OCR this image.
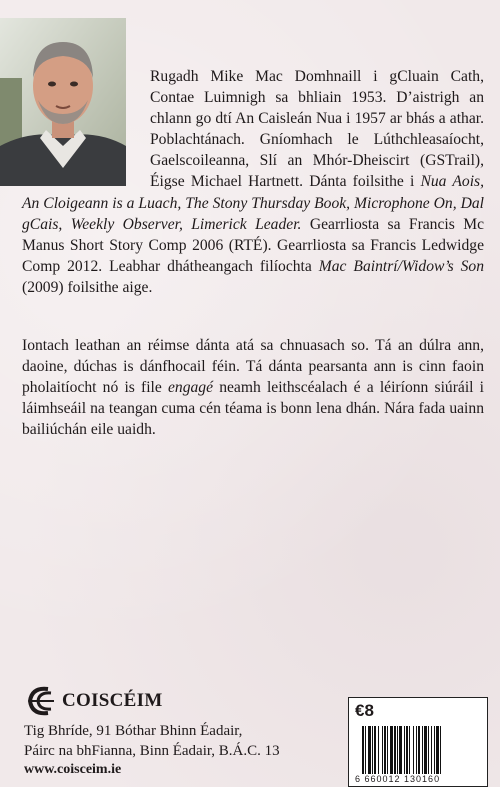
Rugadh Mike Mac Domhnaill i gCluain Cath, Contae Luimnigh sa bhliain 1953. D’aistrigh an chlann go dtí An Caisleán Nua i 1957 ar bhás a athar. Poblachtánach. Gníomhach le Lúthchleasaíocht, Gaelscoileanna, Slí an Mhór-Dheiscirt (GSTrail), Éigse Michael Hartnett. Dánta foilsithe i Nua Aois, An Cloigeann is a Luach, The Stony Thursday Book, Microphone On, Dal gCais, Weekly Observer, Limerick Leader. Gearrliosta sa Francis Mc Manus Short Story Comp 2006 (RTÉ). Gearrliosta sa Francis Ledwidge Comp 2012. Leabhar dhátheangach filíochta Mac Baintrí/Widow’s Son (2009) foilsithe aige.

Iontach leathan an réimse dánta atá sa chnuasach so. Tá an dúlra ann, daoine, dúchas is dánfhocail féin. Tá dánta pearsanta ann is cinn faoin pholaitíocht nó is file engagé neamh leithscéalach é a léiríonn siúráil i láimhseáil na teangan cuma cén téama is bonn lena dhán. Nára fada uainn bailiúchán eile uaidh.

COISCÉIM
Tig Bhríde, 91 Bóthar Bhinn Éadair,
Páirc na bhFianna, Binn Éadair, B.Á.C. 13
www.coisceim.ie
€8
6 660012 130160
